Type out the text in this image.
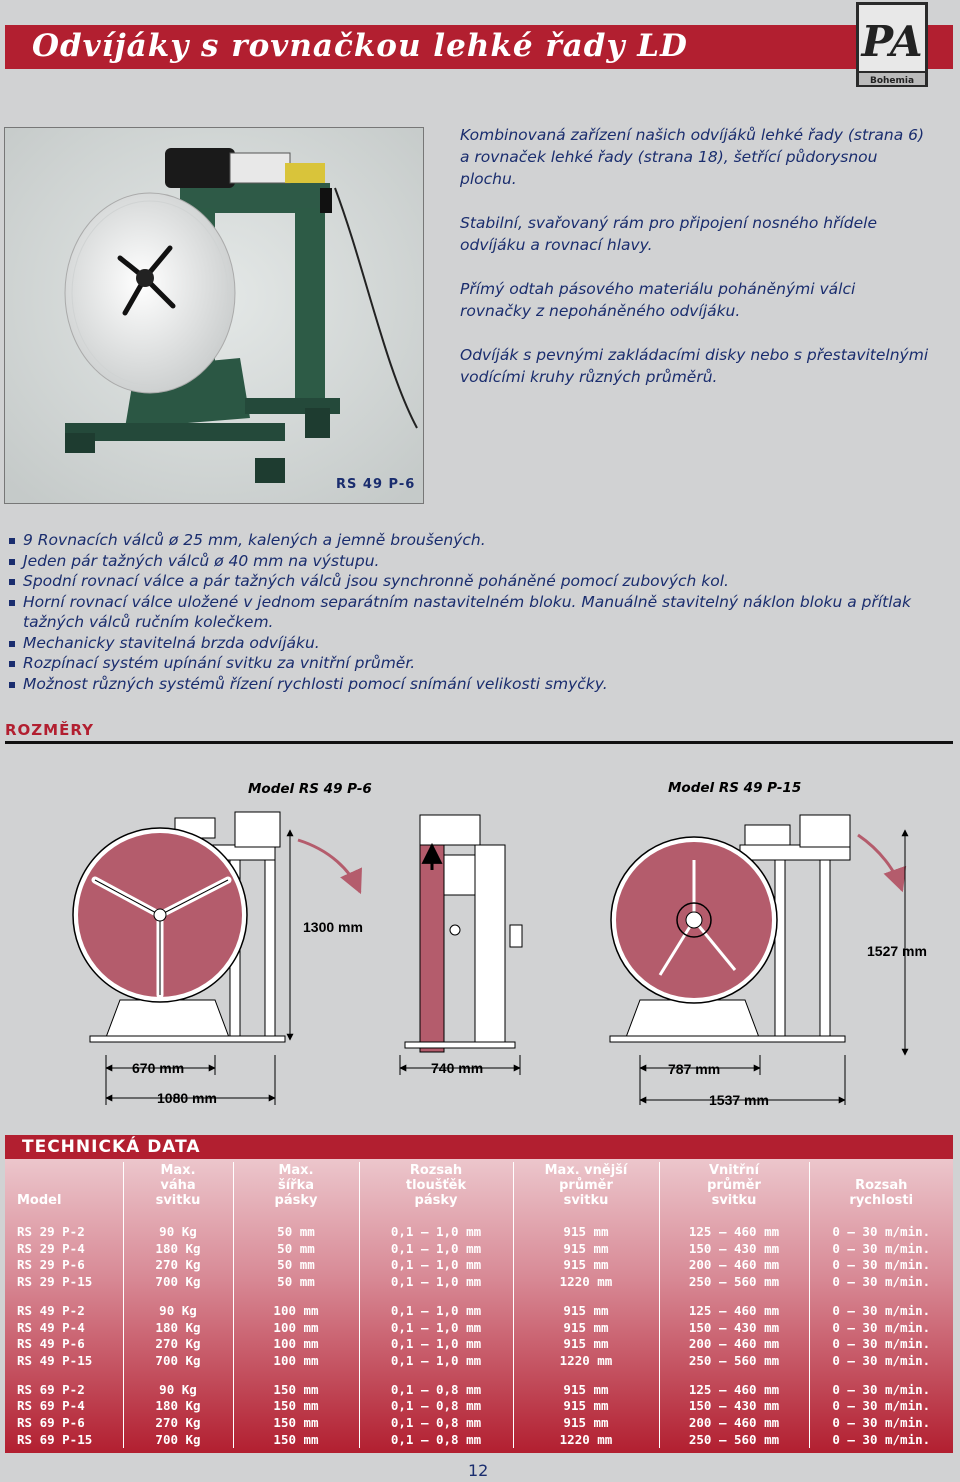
Odvíjáky s rovnačkou lehké řady LD	PA
Bohemia
RS 49 P-6

Kombinovaná zařízení našich odvíjáků lehké řady (strana 6) a rovnaček lehké řady (strana 18), šetřící půdorysnou plochu.

Stabilní, svařovaný rám pro připojení nosného hřídele odvíjáku a rovnací hlavy.

Přímý odtah pásového materiálu poháněnými válci rovnačky z nepoháněného odvíjáku.

Odvíják s pevnými zakládacími disky nebo s přestavitelnými vodícími kruhy různých průměrů.

9 Rovnacích válců ø 25 mm, kalených a jemně broušených.
Jeden pár tažných válců ø 40 mm na výstupu.
Spodní rovnací válce a pár tažných válců jsou synchronně poháněné pomocí zubových kol.
Horní rovnací válce uložené v jednom separátním nastavitelném bloku. Manuálně stavitelný náklon bloku a přítlak tažných válců ručním kolečkem.
Mechanicky stavitelná brzda odvíjáku.
Rozpínací systém upínání svitku za vnitřní průměr.
Možnost různých systémů řízení rychlosti pomocí snímání velikosti smyčky.
ROZMĚRY
Model RS 49 P-6	Model RS 49 P-15
1300 mm
1527 mm
670 mm
1080 mm
740 mm	787 mm
1537 mm
TECHNICKÁ DATA
Model	Max.
váha
svitku	Max.
šířka
pásky	Rozsah
tloušťěk
pásky	Max. vnější
průměr
svitku	Vnitřní
průměr
svitku	Rozsah
rychlosti

RS 29 P-2	90 Kg	50 mm	0,1 – 1,0 mm	915 mm	125 – 460 mm	0 – 30 m/min.
RS 29 P-4	180 Kg	50 mm	0,1 – 1,0 mm	915 mm	150 – 430 mm	0 – 30 m/min.
RS 29 P-6	270 Kg	50 mm	0,1 – 1,0 mm	915 mm	200 – 460 mm	0 – 30 m/min.
RS 29 P-15	700 Kg	50 mm	0,1 – 1,0 mm	1220 mm	250 – 560 mm	0 – 30 m/min.

RS 49 P-2	90 Kg	100 mm	0,1 – 1,0 mm	915 mm	125 – 460 mm	0 – 30 m/min.
RS 49 P-4	180 Kg	100 mm	0,1 – 1,0 mm	915 mm	150 – 430 mm	0 – 30 m/min.
RS 49 P-6	270 Kg	100 mm	0,1 – 1,0 mm	915 mm	200 – 460 mm	0 – 30 m/min.
RS 49 P-15	700 Kg	100 mm	0,1 – 1,0 mm	1220 mm	250 – 560 mm	0 – 30 m/min.

RS 69 P-2	90 Kg	150 mm	0,1 – 0,8 mm	915 mm	125 – 460 mm	0 – 30 m/min.
RS 69 P-4	180 Kg	150 mm	0,1 – 0,8 mm	915 mm	150 – 430 mm	0 – 30 m/min.
RS 69 P-6	270 Kg	150 mm	0,1 – 0,8 mm	915 mm	200 – 460 mm	0 – 30 m/min.
RS 69 P-15	700 Kg	150 mm	0,1 – 0,8 mm	1220 mm	250 – 560 mm	0 – 30 m/min.
12
